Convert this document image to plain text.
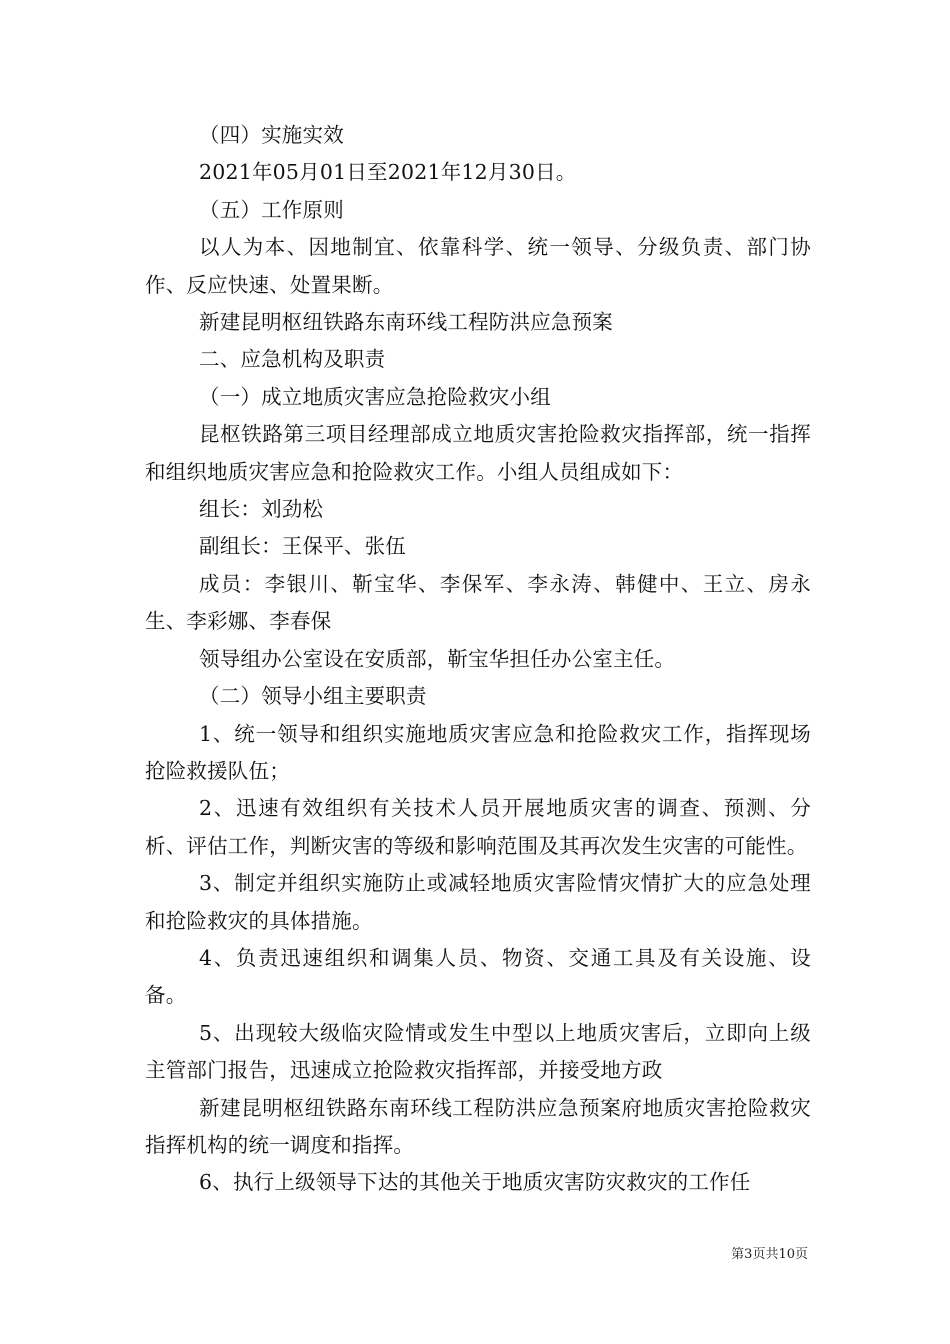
（四）实施实效

2021年05月01日至2021年12月30日。

（五）工作原则

以人为本、因地制宜、依靠科学、统一领导、分级负责、部门协作、反应快速、处置果断。

新建昆明枢纽铁路东南环线工程防洪应急预案

二、应急机构及职责

（一）成立地质灾害应急抢险救灾小组

昆枢铁路第三项目经理部成立地质灾害抢险救灾指挥部，统一指挥和组织地质灾害应急和抢险救灾工作。小组人员组成如下：

组长：刘劲松

副组长：王保平、张伍

成员：李银川、靳宝华、李保军、李永涛、韩健中、王立、房永生、李彩娜、李春保

领导组办公室设在安质部，靳宝华担任办公室主任。

（二）领导小组主要职责

1、统一领导和组织实施地质灾害应急和抢险救灾工作，指挥现场抢险救援队伍；

2、迅速有效组织有关技术人员开展地质灾害的调查、预测、分析、评估工作，判断灾害的等级和影响范围及其再次发生灾害的可能性。

3、制定并组织实施防止或减轻地质灾害险情灾情扩大的应急处理和抢险救灾的具体措施。

4、负责迅速组织和调集人员、物资、交通工具及有关设施、设备。

5、出现较大级临灾险情或发生中型以上地质灾害后，立即向上级主管部门报告，迅速成立抢险救灾指挥部，并接受地方政

新建昆明枢纽铁路东南环线工程防洪应急预案府地质灾害抢险救灾指挥机构的统一调度和指挥。

6、执行上级领导下达的其他关于地质灾害防灾救灾的工作任

第3页共10页
